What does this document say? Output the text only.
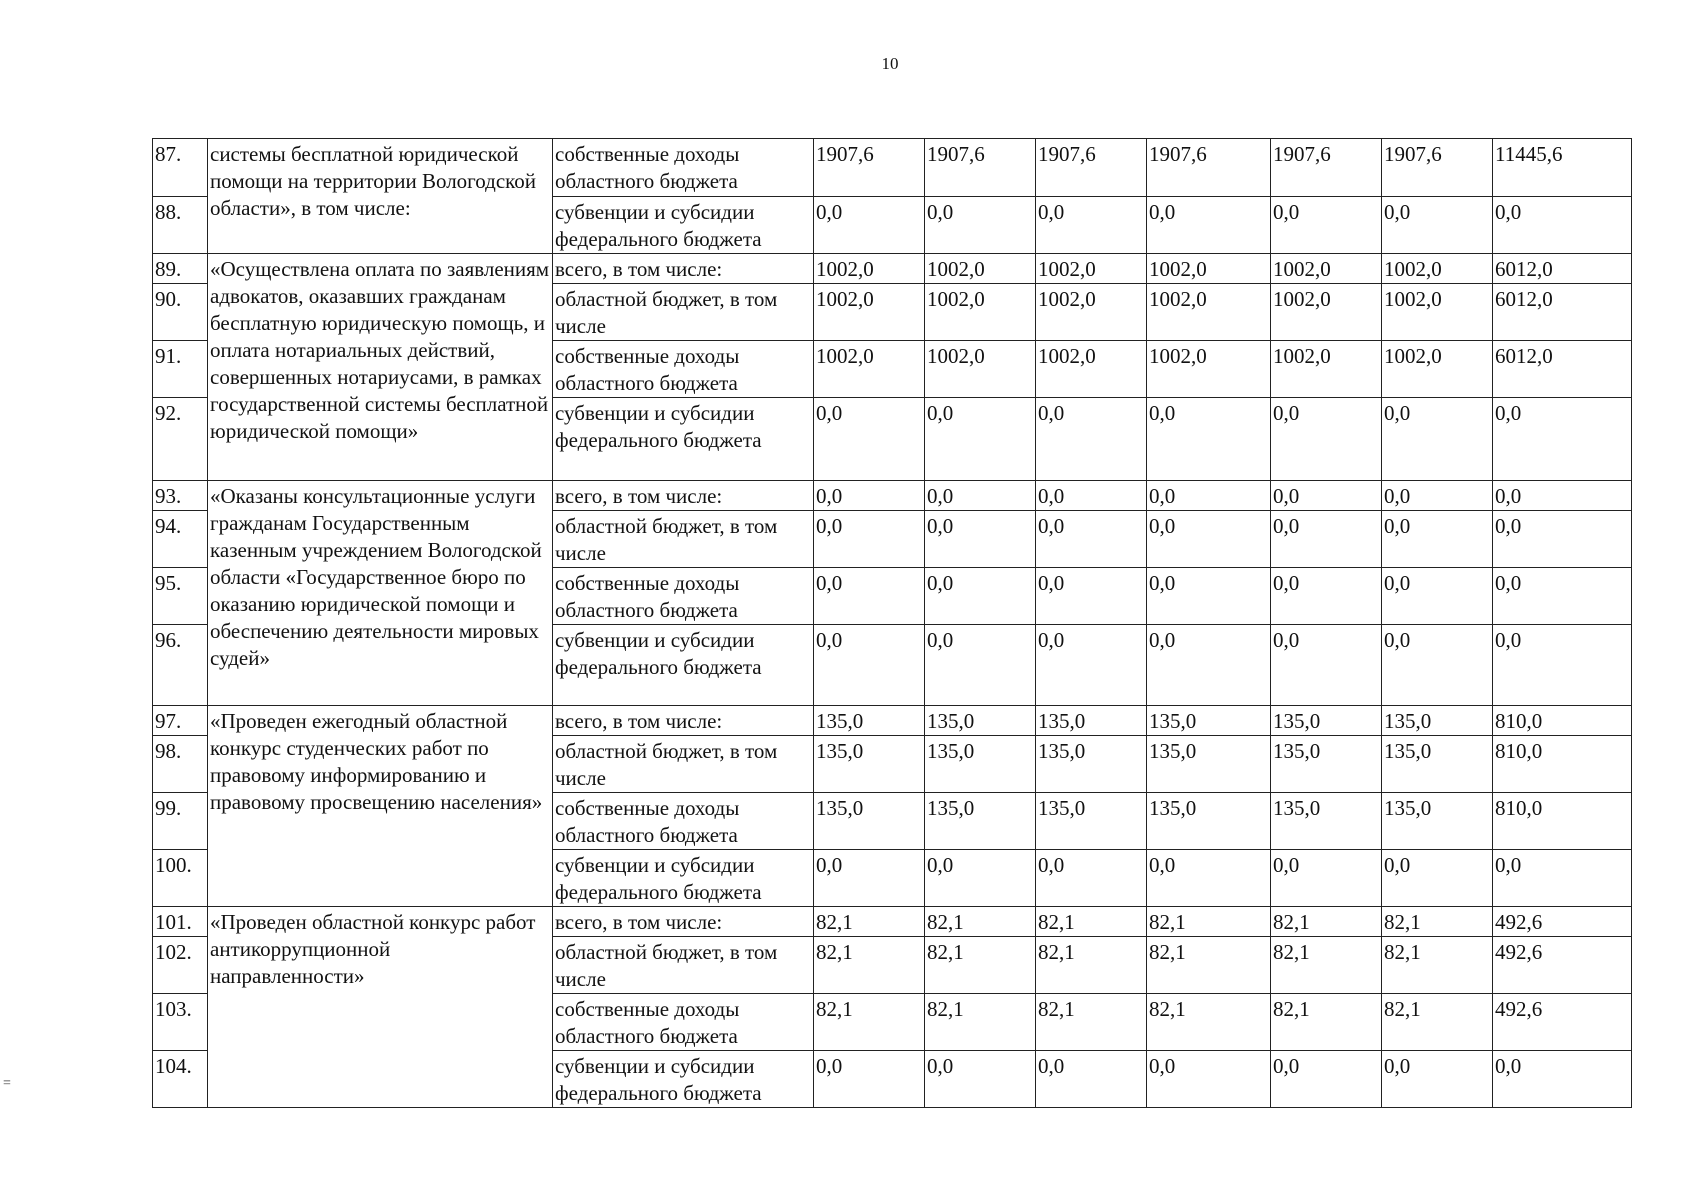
10
=
87.	системы бесплатной юридической помощи на территории Вологодской области», в том числе:	собственные доходы областного бюджета	1907,6	1907,6	1907,6	1907,6	1907,6	1907,6	11445,6
88.		субвенции и субсидии федерального бюджета	0,0	0,0	0,0	0,0	0,0	0,0	0,0
89.	«Осуществлена оплата по заявлениям адвокатов, оказавших гражданам бесплатную юридическую помощь, и оплата нотариальных действий, совершенных нотариусами, в рамках государственной системы бесплатной юридической помощи»	всего, в том числе:	1002,0	1002,0	1002,0	1002,0	1002,0	1002,0	6012,0
90.		областной бюджет, в том числе	1002,0	1002,0	1002,0	1002,0	1002,0	1002,0	6012,0
91.		собственные доходы областного бюджета	1002,0	1002,0	1002,0	1002,0	1002,0	1002,0	6012,0
92.		субвенции и субсидии федерального бюджета	0,0	0,0	0,0	0,0	0,0	0,0	0,0
93.	«Оказаны консультационные услуги гражданам Государственным казенным учреждением Вологодской области «Государственное бюро по оказанию юридической помощи и обеспечению деятельности мировых судей»	всего, в том числе:	0,0	0,0	0,0	0,0	0,0	0,0	0,0
94.		областной бюджет, в том числе	0,0	0,0	0,0	0,0	0,0	0,0	0,0
95.		собственные доходы областного бюджета	0,0	0,0	0,0	0,0	0,0	0,0	0,0
96.		субвенции и субсидии федерального бюджета	0,0	0,0	0,0	0,0	0,0	0,0	0,0
97.	«Проведен ежегодный областной конкурс студенческих работ по правовому информированию и правовому просвещению населения»	всего, в том числе:	135,0	135,0	135,0	135,0	135,0	135,0	810,0
98.		областной бюджет, в том числе	135,0	135,0	135,0	135,0	135,0	135,0	810,0
99.		собственные доходы областного бюджета	135,0	135,0	135,0	135,0	135,0	135,0	810,0
100.		субвенции и субсидии федерального бюджета	0,0	0,0	0,0	0,0	0,0	0,0	0,0
101.	«Проведен областной конкурс работ антикоррупционной направленности»	всего, в том числе:	82,1	82,1	82,1	82,1	82,1	82,1	492,6
102.		областной бюджет, в том числе	82,1	82,1	82,1	82,1	82,1	82,1	492,6
103.		собственные доходы областного бюджета	82,1	82,1	82,1	82,1	82,1	82,1	492,6
104.		субвенции и субсидии федерального бюджета	0,0	0,0	0,0	0,0	0,0	0,0	0,0
